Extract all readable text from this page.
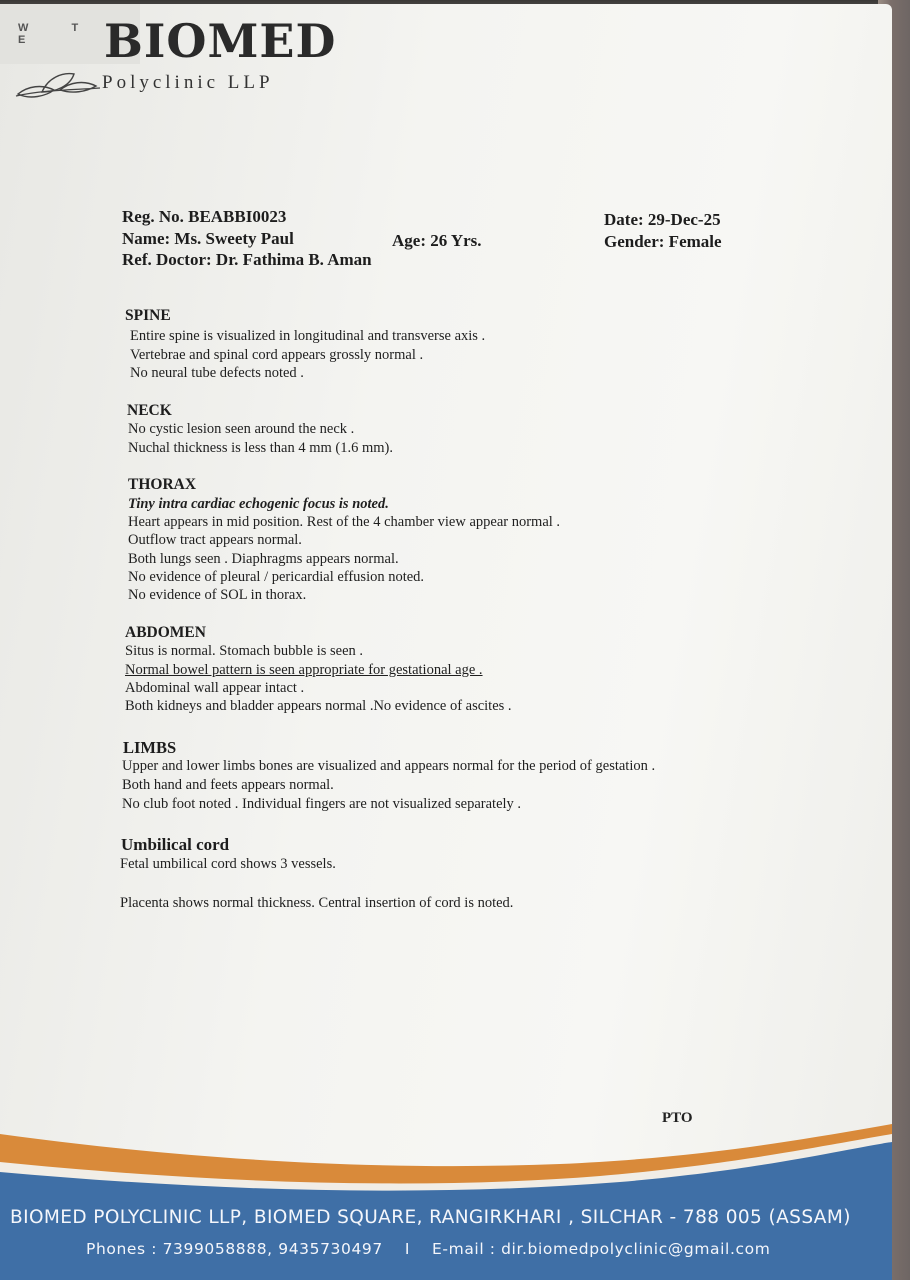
W T E	BIOMED
Polyclinic LLP
Reg. No. BEABBI0023
Name: Ms. Sweety Paul	Age: 26 Yrs.
Ref. Doctor: Dr. Fathima B. Aman
Date: 29-Dec-25
Gender: Female
SPINE
Entire spine is visualized in longitudinal and transverse axis .
Vertebrae and spinal cord appears grossly normal .
No neural tube defects noted .
NECK
No cystic lesion seen around the neck .
Nuchal thickness is less than 4 mm (1.6 mm).
THORAX
Tiny intra cardiac echogenic focus is noted.
Heart appears in mid position. Rest of the 4 chamber view appear normal .
Outflow tract appears normal.
Both lungs seen . Diaphragms appears normal.
No evidence of pleural / pericardial effusion noted.
No evidence of SOL in thorax.
ABDOMEN
Situs is normal. Stomach bubble is seen .
Normal bowel pattern is seen appropriate for gestational age .
Abdominal wall appear intact .
Both kidneys and bladder appears normal .No evidence of ascites .
LIMBS
Upper and lower limbs bones are visualized and appears normal for the period of gestation .
Both hand and feets appears normal.
No club foot noted . Individual fingers are not visualized separately .
Umbilical cord
Fetal umbilical cord shows 3 vessels.
Placenta shows normal thickness. Central insertion of cord is noted.
PTO
BIOMED POLYCLINIC LLP, BIOMED SQUARE, RANGIRKHARI , SILCHAR - 788 005 (ASSAM)
Phones : 7399058888, 9435730497 I E-mail : dir.biomedpolyclinic@gmail.com
